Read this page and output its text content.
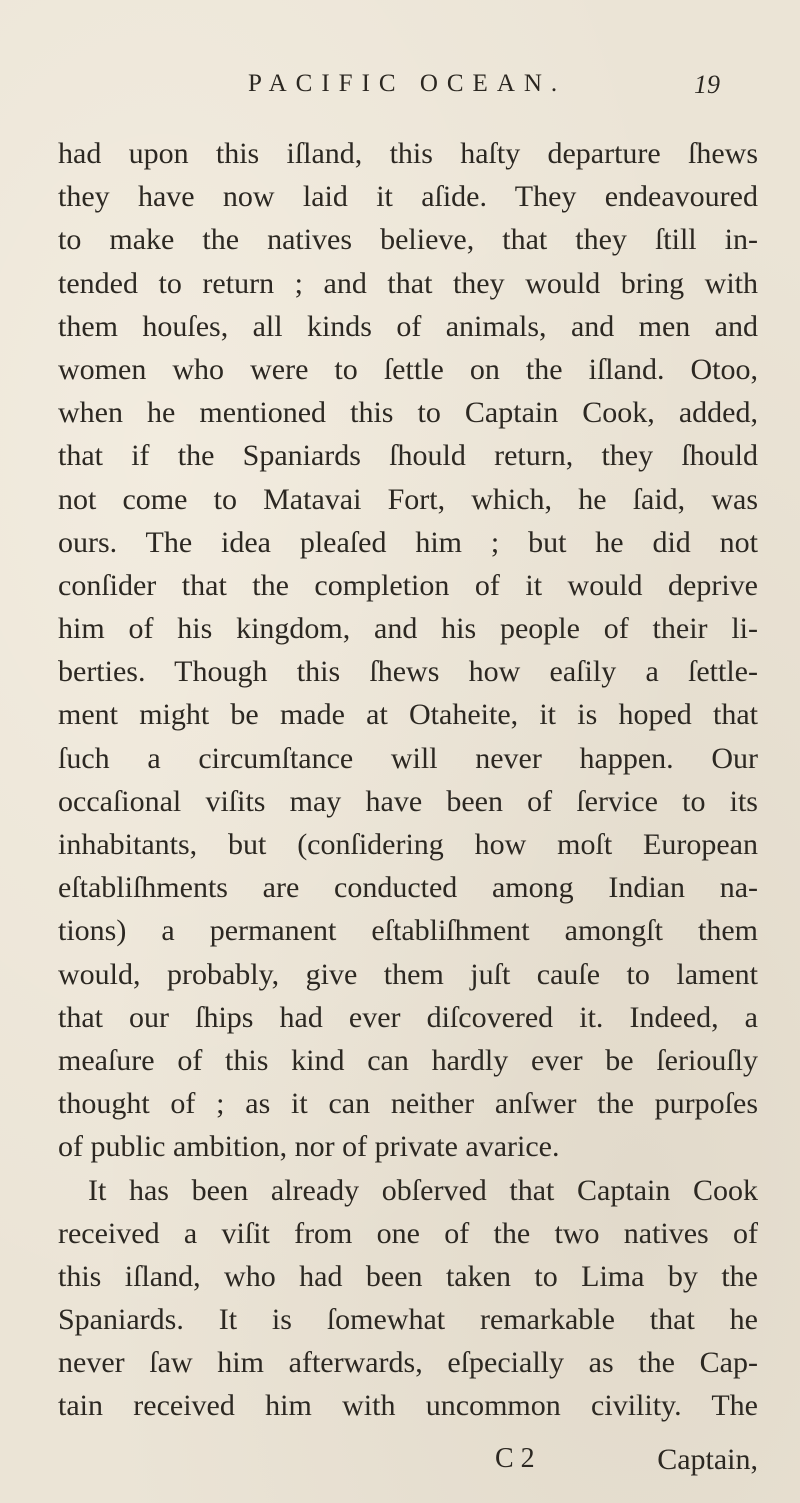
PACIFIC OCEAN.	19
had upon this iſland, this haſty departure ſhews
they have now laid it aſide. They endeavoured
to make the natives believe, that they ſtill in-
tended to return ; and that they would bring with
them houſes, all kinds of animals, and men and
women who were to ſettle on the iſland. Otoo,
when he mentioned this to Captain Cook, added,
that if the Spaniards ſhould return, they ſhould
not come to Matavai Fort, which, he ſaid, was
ours. The idea pleaſed him ; but he did not
conſider that the completion of it would deprive
him of his kingdom, and his people of their li-
berties. Though this ſhews how eaſily a ſettle-
ment might be made at Otaheite, it is hoped that
ſuch a circumſtance will never happen. Our
occaſional viſits may have been of ſervice to its
inhabitants, but (conſidering how moſt European
eſtabliſhments are conducted among Indian na-
tions) a permanent eſtabliſhment amongſt them
would, probably, give them juſt cauſe to lament
that our ſhips had ever diſcovered it. Indeed, a
meaſure of this kind can hardly ever be ſeriouſly
thought of ; as it can neither anſwer the purpoſes
of public ambition, nor of private avarice.
It has been already obſerved that Captain Cook
received a viſit from one of the two natives of
this iſland, who had been taken to Lima by the
Spaniards. It is ſomewhat remarkable that he
never ſaw him afterwards, eſpecially as the Cap-
tain received him with uncommon civility. The
C 2	Captain,
